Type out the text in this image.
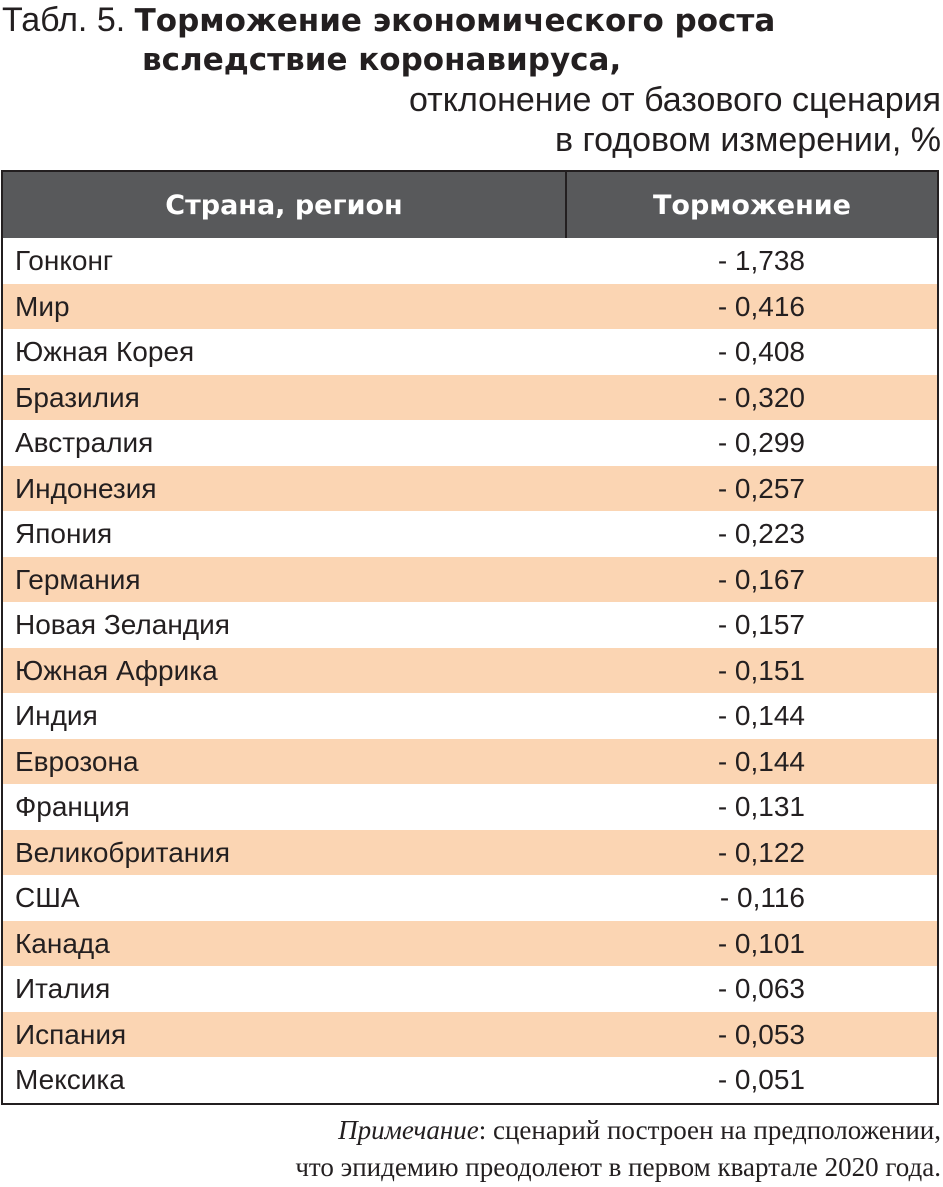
Табл. 5. Торможение экономического роста
вследствие коронавируса,
отклонение от базового сценария
в годовом измерении, %
Страна, регион	Торможение
Гонконг	- 1,738
Мир	- 0,416
Южная Корея	- 0,408
Бразилия	- 0,320
Австралия	- 0,299
Индонезия	- 0,257
Япония	- 0,223
Германия	- 0,167
Новая Зеландия	- 0,157
Южная Африка	- 0,151
Индия	- 0,144
Еврозона	- 0,144
Франция	- 0,131
Великобритания	- 0,122
США	- 0,116
Канада	- 0,101
Италия	- 0,063
Испания	- 0,053
Мексика	- 0,051
Примечание: сценарий построен на предположении,
что эпидемию преодолеют в первом квартале 2020 года.
